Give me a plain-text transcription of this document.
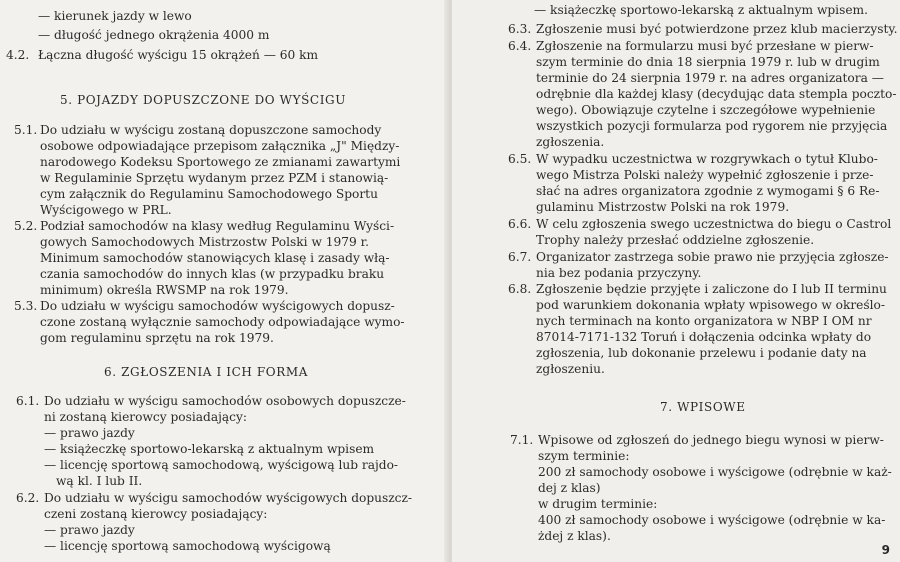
— kierunek jazdy w lewo
— długość jednego okrążenia 4000 m
4.2. Łączna długość wyścigu 15 okrążeń — 60 km
5. POJAZDY DOPUSZCZONE DO WYŚCIGU
5.1. Do udziału w wyścigu zostaną dopuszczone samochody
osobowe odpowiadające przepisom załącznika „J" Między-
narodowego Kodeksu Sportowego ze zmianami zawartymi
w Regulaminie Sprzętu wydanym przez PZM i stanowią-
cym załącznik do Regulaminu Samochodowego Sportu
Wyścigowego w PRL.
5.2. Podział samochodów na klasy według Regulaminu Wyści-
gowych Samochodowych Mistrzostw Polski w 1979 r.
Minimum samochodów stanowiących klasę i zasady włą-
czania samochodów do innych klas (w przypadku braku
minimum) określa RWSMP na rok 1979.
5.3. Do udziału w wyścigu samochodów wyścigowych dopusz-
czone zostaną wyłącznie samochody odpowiadające wymo-
gom regulaminu sprzętu na rok 1979.
6. ZGŁOSZENIA I ICH FORMA
6.1. Do udziału w wyścigu samochodów osobowych dopuszcze-
ni zostaną kierowcy posiadający:
— prawo jazdy
— książeczkę sportowo-lekarską z aktualnym wpisem
— licencję sportową samochodową, wyścigową lub rajdo-
wą kl. I lub II.
6.2. Do udziału w wyścigu samochodów wyścigowych dopuszcz-
czeni zostaną kierowcy posiadający:
— prawo jazdy
— licencję sportową samochodową wyścigową
— książeczkę sportowo-lekarską z aktualnym wpisem.
6.3. Zgłoszenie musi być potwierdzone przez klub macierzysty.
6.4. Zgłoszenie na formularzu musi być przesłane w pierw-
szym terminie do dnia 18 sierpnia 1979 r. lub w drugim
terminie do 24 sierpnia 1979 r. na adres organizatora —
odrębnie dla każdej klasy (decydując data stempla poczto-
wego). Obowiązuje czytelne i szczegółowe wypełnienie
wszystkich pozycji formularza pod rygorem nie przyjęcia
zgłoszenia.
6.5. W wypadku uczestnictwa w rozgrywkach o tytuł Klubo-
wego Mistrza Polski należy wypełnić zgłoszenie i prze-
słać na adres organizatora zgodnie z wymogami § 6 Re-
gulaminu Mistrzostw Polski na rok 1979.
6.6. W celu zgłoszenia swego uczestnictwa do biegu o Castrol
Trophy należy przesłać oddzielne zgłoszenie.
6.7. Organizator zastrzega sobie prawo nie przyjęcia zgłosze-
nia bez podania przyczyny.
6.8. Zgłoszenie będzie przyjęte i zaliczone do I lub II terminu
pod warunkiem dokonania wpłaty wpisowego w określo-
nych terminach na konto organizatora w NBP I OM nr
87014-7171-132 Toruń i dołączenia odcinka wpłaty do
zgłoszenia, lub dokonanie przelewu i podanie daty na
zgłoszeniu.
7. WPISOWE
7.1. Wpisowe od zgłoszeń do jednego biegu wynosi w pierw-
szym terminie:
200 zł samochody osobowe i wyścigowe (odrębnie w każ-
dej z klas)
w drugim terminie:
400 zł samochody osobowe i wyścigowe (odrębnie w ka-
żdej z klas).
9
